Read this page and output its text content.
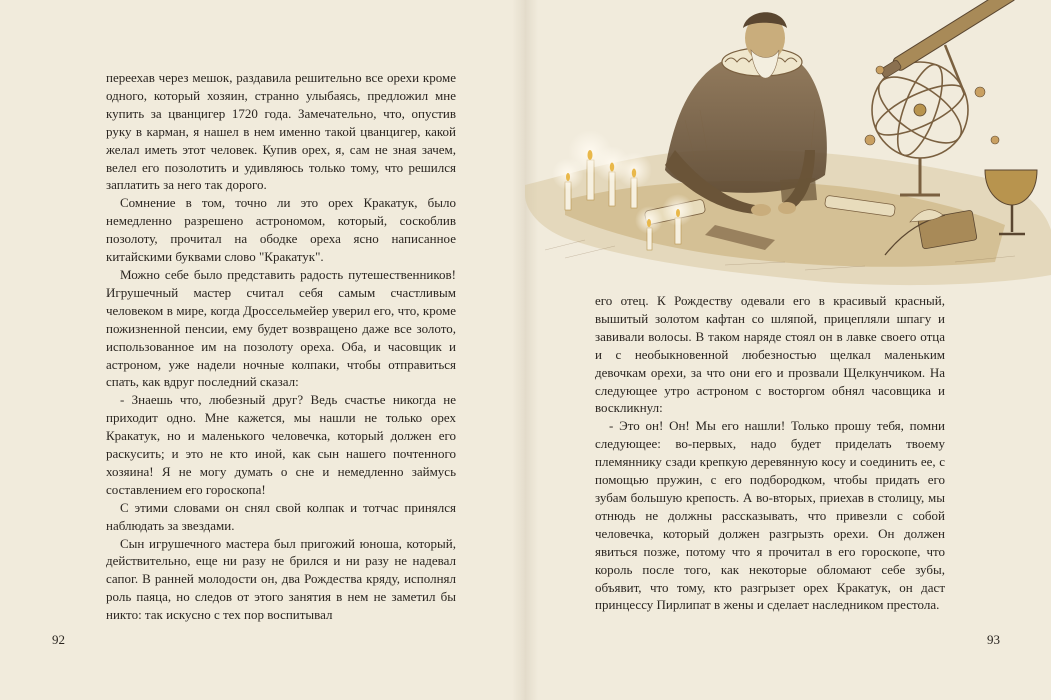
переехав через мешок, раздавила решительно все орехи кроме одного, который хозяин, странно улыбаясь, предложил мне купить за цванцигер 1720 года. Замечательно, что, опустив руку в карман, я нашел в нем именно такой цванцигер, какой желал иметь этот человек. Купив орех, я, сам не зная зачем, велел его позолотить и удивляюсь только тому, что решился заплатить за него так дорого.

Сомнение в том, точно ли это орех Кракатук, было немедленно разрешено астрономом, который, соскоблив позолоту, прочитал на ободке ореха ясно написанное китайскими буквами слово "Кракатук".

Можно себе было представить радость путешественников! Игрушечный мастер считал себя самым счастливым человеком в мире, когда Дроссельмейер уверил его, что, кроме пожизненной пенсии, ему будет возвращено даже все золото, использованное им на позолоту ореха. Оба, и часовщик и астроном, уже надели ночные колпаки, чтобы отправиться спать, как вдруг последний сказал:

- Знаешь что, любезный друг? Ведь счастье никогда не приходит одно. Мне кажется, мы нашли не только орех Кракатук, но и маленького человечка, который должен его раскусить; и это не кто иной, как сын нашего почтенного хозяина! Я не могу думать о сне и немедленно займусь составлением его гороскопа!

С этими словами он снял свой колпак и тотчас принялся наблюдать за звездами.

Сын игрушечного мастера был пригожий юноша, который, действительно, еще ни разу не брился и ни разу не надевал сапог. В ранней молодости он, два Рождества кряду, исполнял роль паяца, но следов от этого занятия в нем не заметил бы никто: так искусно с тех пор воспитывал

92

его отец. К Рождеству одевали его в красивый красный, вышитый золотом кафтан со шляпой, прицепляли шпагу и завивали волосы. В таком наряде стоял он в лавке своего отца и с необыкновенной любезностью щелкал маленьким девочкам орехи, за что они его и прозвали Щелкунчиком. На следующее утро астроном с восторгом обнял часовщика и воскликнул:

- Это он! Он! Мы его нашли! Только прошу тебя, помни следующее: во-первых, надо будет приделать твоему племяннику сзади крепкую деревянную косу и соединить ее, с помощью пружин, с его подбородком, чтобы придать его зубам большую крепость. А во-вторых, приехав в столицу, мы отнюдь не должны рассказывать, что привезли с собой человечка, который должен разгрызть орехи. Он должен явиться позже, потому что я прочитал в его гороскопе, что король после того, как некоторые обломают себе зубы, объявит, что тому, кто разгрызет орех Кракатук, он даст принцессу Пирлипат в жены и сделает наследником престола.

93
